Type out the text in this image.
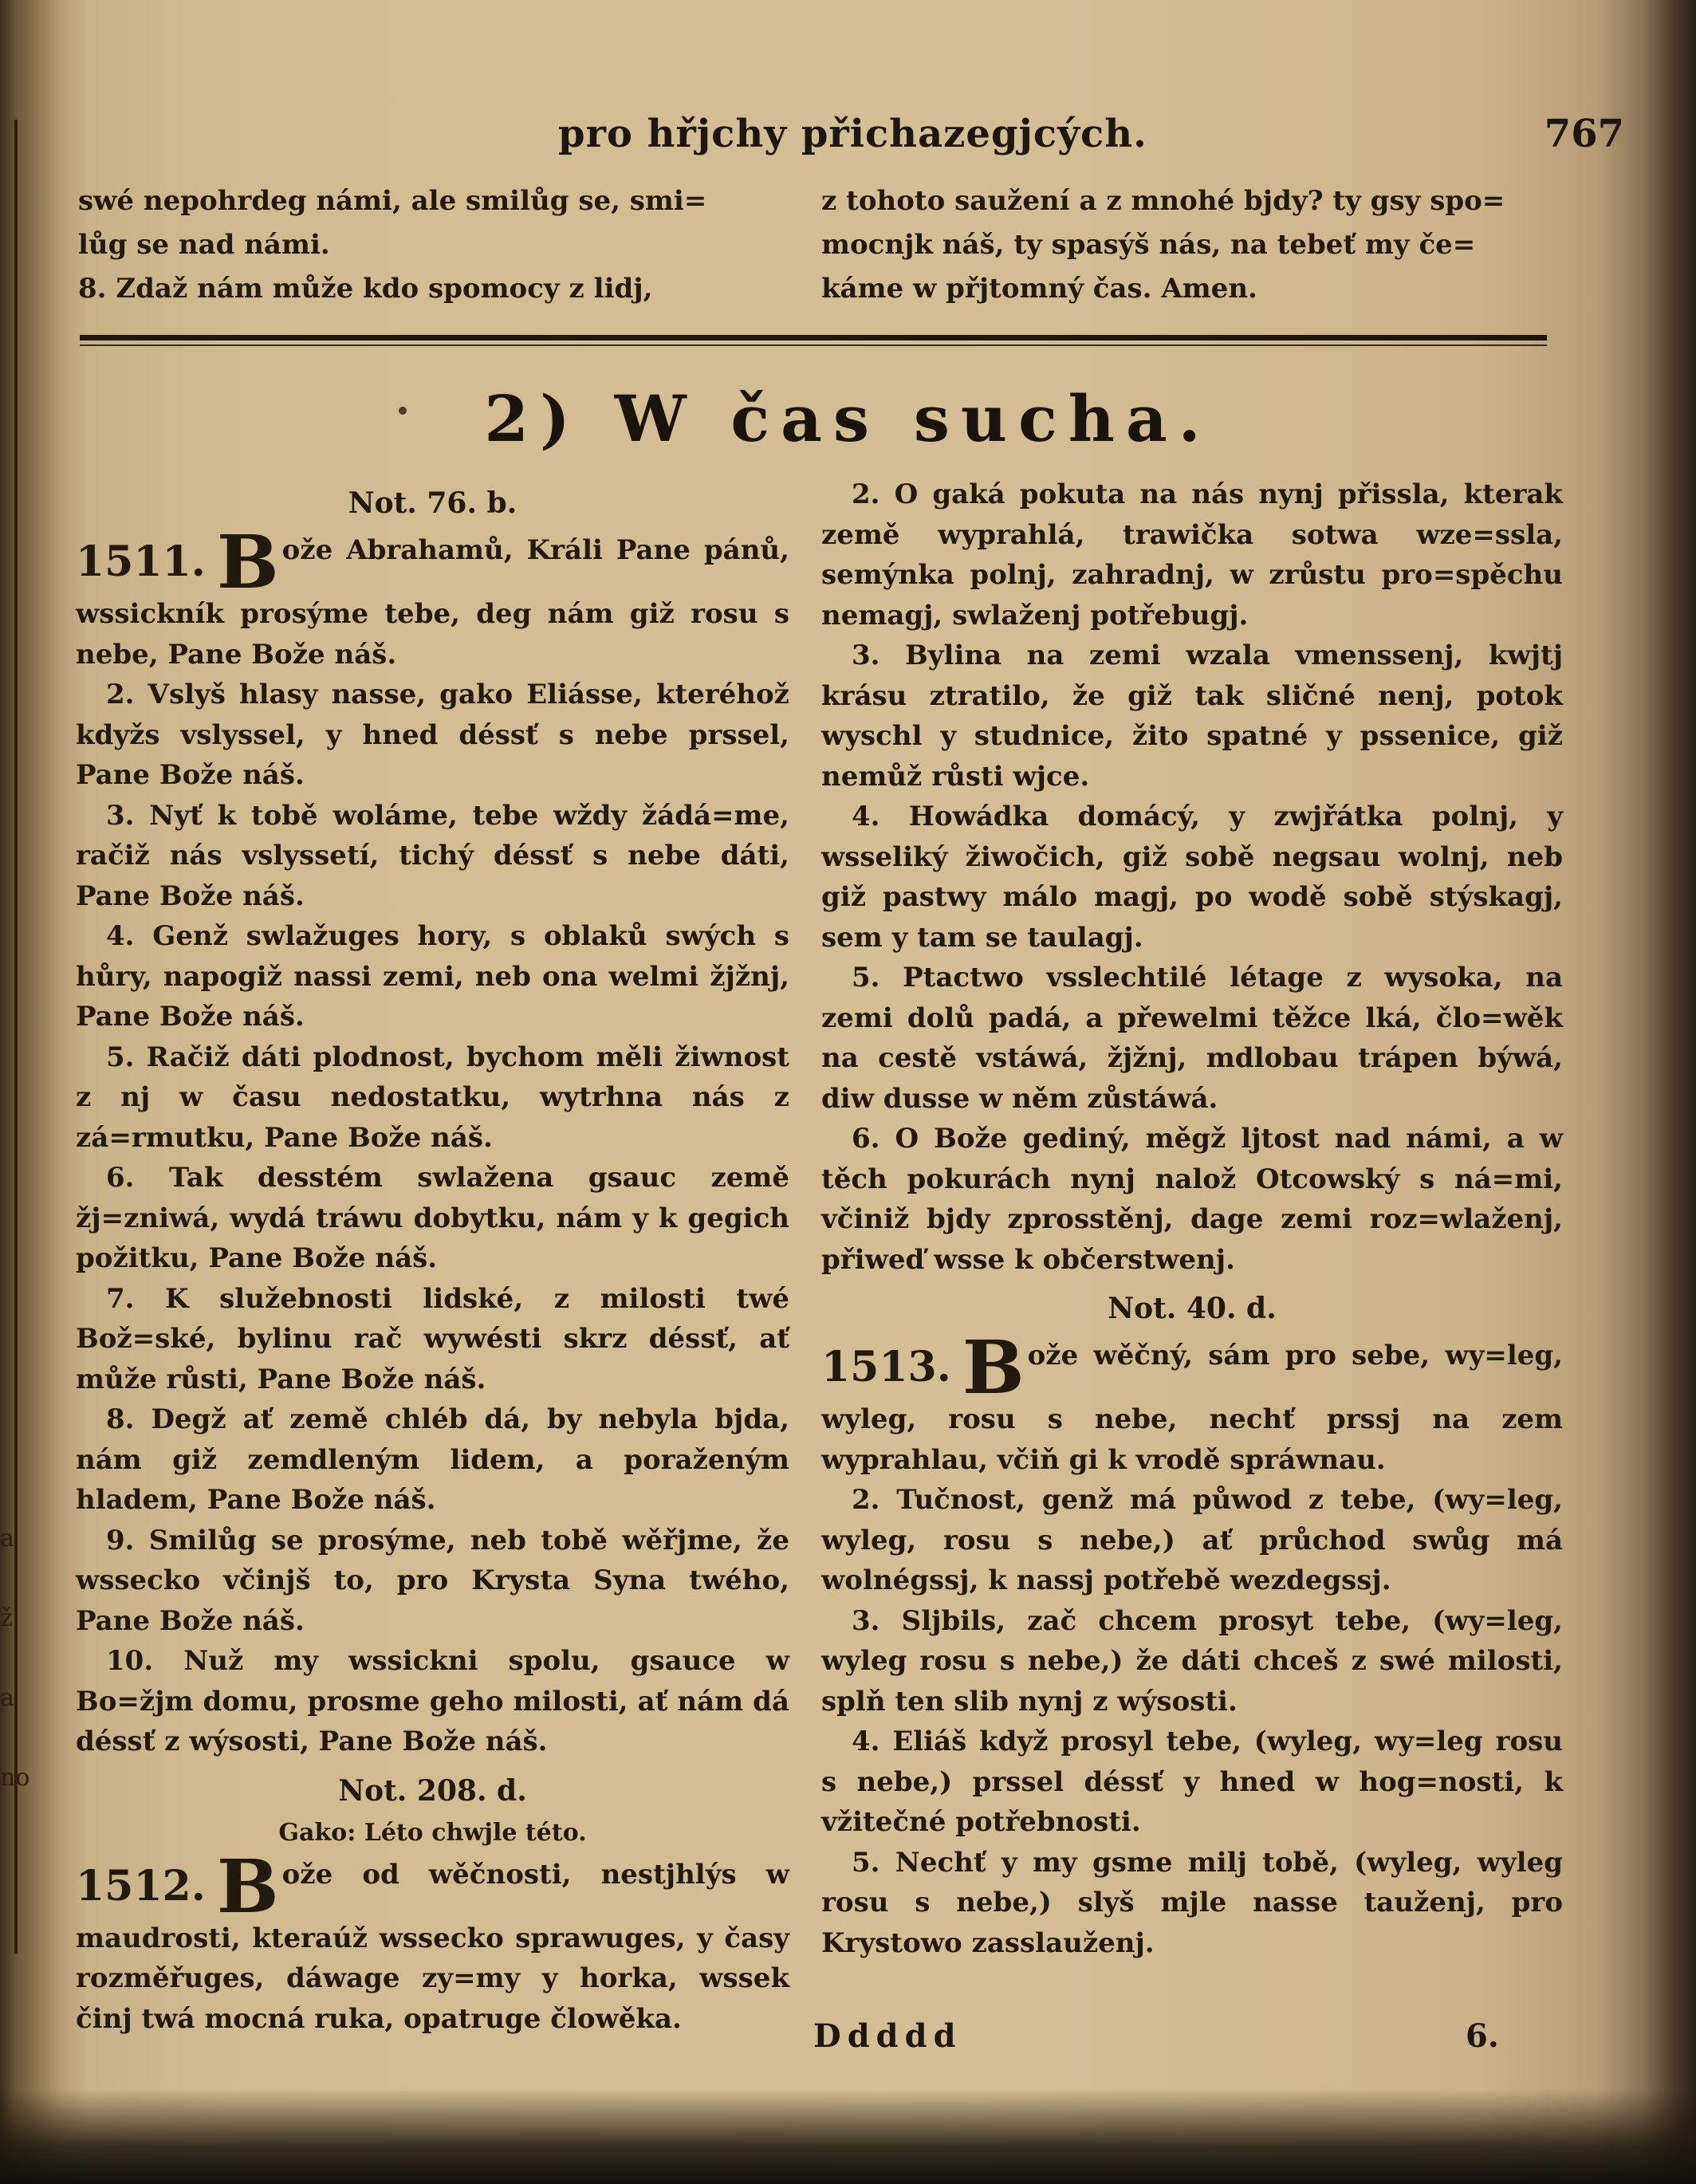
a
ž
a
no
pro hřjchy přichazegjcých.	767
swé nepohrdeg námi, ale smilůg se, smi=
lůg se nad námi.
8. Zdaž nám může kdo spomocy z lidj,
z tohoto saužení a z mnohé bjdy? ty gsy spo=
mocnjk náš, ty spasýš nás, na tebeť my če=
káme w přjtomný čas. Amen.
2) W čas sucha.
Not. 76. b.

1511. B ože Abrahamů, Králi Pane pánů, wssickník prosýme tebe, deg nám giž rosu s nebe, Pane Bože náš.

2. Vslyš hlasy nasse, gako Eliásse, kteréhož kdyžs vslyssel, y hned déssť s nebe prssel, Pane Bože náš.

3. Nyť k tobě woláme, tebe wždy žádá=me, račiž nás vslyssetí, tichý déssť s nebe dáti, Pane Bože náš.

4. Genž swlažuges hory, s oblaků swých s hůry, napogiž nassi zemi, neb ona welmi žjžnj, Pane Bože náš.

5. Račiž dáti plodnost, bychom měli žiwnost z nj w času nedostatku, wytrhna nás z zá=rmutku, Pane Bože náš.

6. Tak desstém swlažena gsauc země žj=zniwá, wydá tráwu dobytku, nám y k gegich požitku, Pane Bože náš.

7. K služebnosti lidské, z milosti twé Bož=ské, bylinu rač wywésti skrz déssť, ať může růsti, Pane Bože náš.

8. Degž ať země chléb dá, by nebyla bjda, nám giž zemdleným lidem, a poraženým hladem, Pane Bože náš.

9. Smilůg se prosýme, neb tobě wěřjme, že wssecko včinjš to, pro Krysta Syna twého, Pane Bože náš.

10. Nuž my wssickni spolu, gsauce w Bo=žjm domu, prosme geho milosti, ať nám dá déssť z wýsosti, Pane Bože náš.

Not. 208. d.
Gako: Léto chwjle této.

1512. B ože od wěčnosti, nestjhlýs w maudrosti, kteraúž wssecko sprawuges, y časy rozměřuges, dáwage zy=my y horka, wssek činj twá mocná ruka, opatruge člowěka.

2. O gaká pokuta na nás nynj přissla, kterak země wyprahlá, trawička sotwa wze=ssla, semýnka polnj, zahradnj, w zrůstu pro=spěchu nemagj, swlaženj potřebugj.

3. Bylina na zemi wzala vmenssenj, kwjtj krásu ztratilo, že giž tak sličné nenj, potok wyschl y studnice, žito spatné y pssenice, giž nemůž růsti wjce.

4. Howádka domácý, y zwjřátka polnj, y wsseliký žiwočich, giž sobě negsau wolnj, neb giž pastwy málo magj, po wodě sobě stýskagj, sem y tam se taulagj.

5. Ptactwo vsslechtilé létage z wysoka, na zemi dolů padá, a přewelmi těžce lká, člo=wěk na cestě vstáwá, žjžnj, mdlobau trápen býwá, diw dusse w něm zůstáwá.

6. O Bože gediný, měgž ljtost nad námi, a w těch pokurách nynj nalož Otcowský s ná=mi, včiniž bjdy zprosstěnj, dage zemi roz=wlaženj, přiweď wsse k občerstwenj.

Not. 40. d.

1513. B ože wěčný, sám pro sebe, wy=leg, wyleg, rosu s nebe, nechť prssj na zem wyprahlau, včiň gi k vrodě spráwnau.

2. Tučnost, genž má půwod z tebe, (wy=leg, wyleg, rosu s nebe,) ať průchod swůg má wolnégssj, k nassj potřebě wezdegssj.

3. Sljbils, zač chcem prosyt tebe, (wy=leg, wyleg rosu s nebe,) že dáti chceš z swé milosti, splň ten slib nynj z wýsosti.

4. Eliáš když prosyl tebe, (wyleg, wy=leg rosu s nebe,) prssel déssť y hned w hog=nosti, k vžitečné potřebnosti.

5. Nechť y my gsme milj tobě, (wyleg, wyleg rosu s nebe,) slyš mjle nasse tauženj, pro Krystowo zasslauženj.

Ddddd	6.
